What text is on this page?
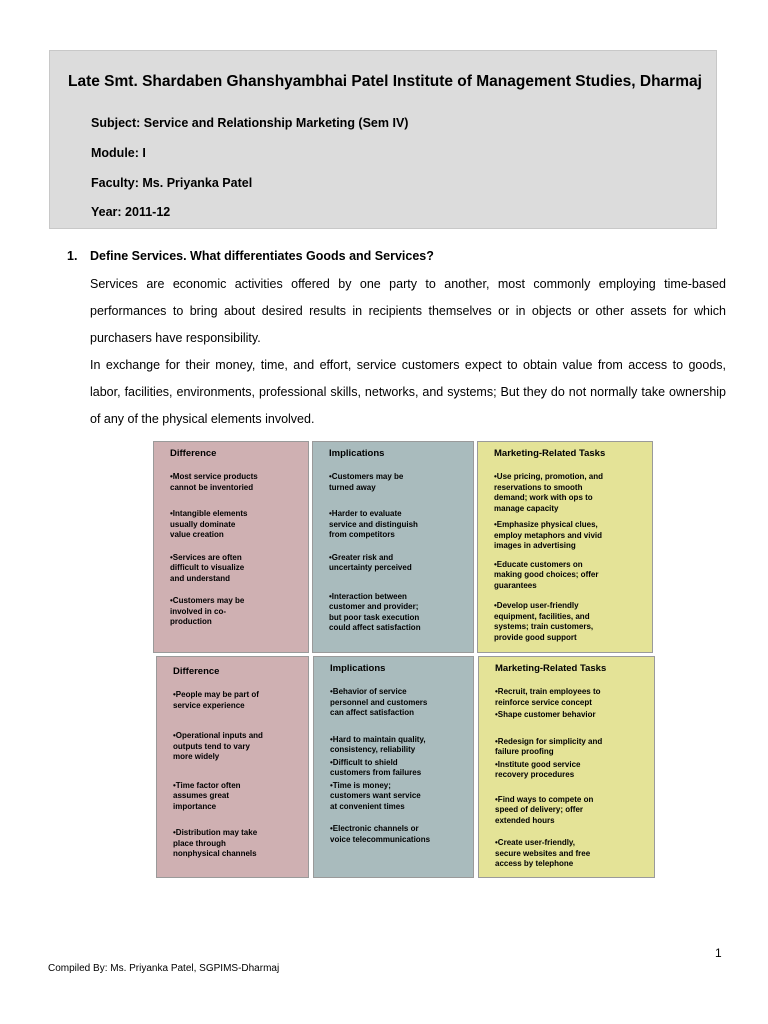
Late Smt. Shardaben Ghanshyambhai Patel Institute of Management Studies, Dharmaj
Subject: Service and Relationship Marketing (Sem IV)
Module: I
Faculty: Ms. Priyanka Patel
Year: 2011-12
1. Define Services. What differentiates Goods and Services?
Services are economic activities offered by one party to another, most commonly employing time-based performances to bring about desired results in recipients themselves or in objects or other assets for which purchasers have responsibility.
In exchange for their money, time, and effort, service customers expect to obtain value from access to goods, labor, facilities, environments, professional skills, networks, and systems; But they do not normally take ownership of any of the physical elements involved.
Difference
•Most service products
cannot be inventoried
•Intangible elements
usually dominate
value creation
•Services are often
difficult to visualize
and understand
•Customers may be
involved in co-
production
Implications
•Customers may be
turned away
•Harder to evaluate
service and distinguish
from competitors
•Greater risk and
uncertainty perceived
•Interaction between
customer and provider;
but poor task execution
could affect satisfaction
Marketing-Related Tasks
•Use pricing, promotion, and
reservations to smooth
demand; work with ops to
manage capacity
•Emphasize physical clues,
employ metaphors and vivid
images in advertising
•Educate customers on
making good choices; offer
guarantees
•Develop user-friendly
equipment, facilities, and
systems; train customers,
provide good support
Difference
•People may be part of
service experience
•Operational inputs and
outputs tend to vary
more widely
•Time factor often
assumes great
importance
•Distribution may take
place through
nonphysical channels
Implications
•Behavior of service
personnel and customers
can affect satisfaction
•Hard to maintain quality,
consistency, reliability
•Difficult to shield
customers from failures
•Time is money;
customers want service
at convenient times
•Electronic channels or
voice telecommunications
Marketing-Related Tasks
•Recruit, train employees to
reinforce service concept
•Shape customer behavior
•Redesign for simplicity and
failure proofing
•Institute good service
recovery procedures
•Find ways to compete on
speed of delivery; offer
extended hours
•Create user-friendly,
secure websites and free
access by telephone
1
Compiled By: Ms. Priyanka Patel, SGPIMS-Dharmaj
